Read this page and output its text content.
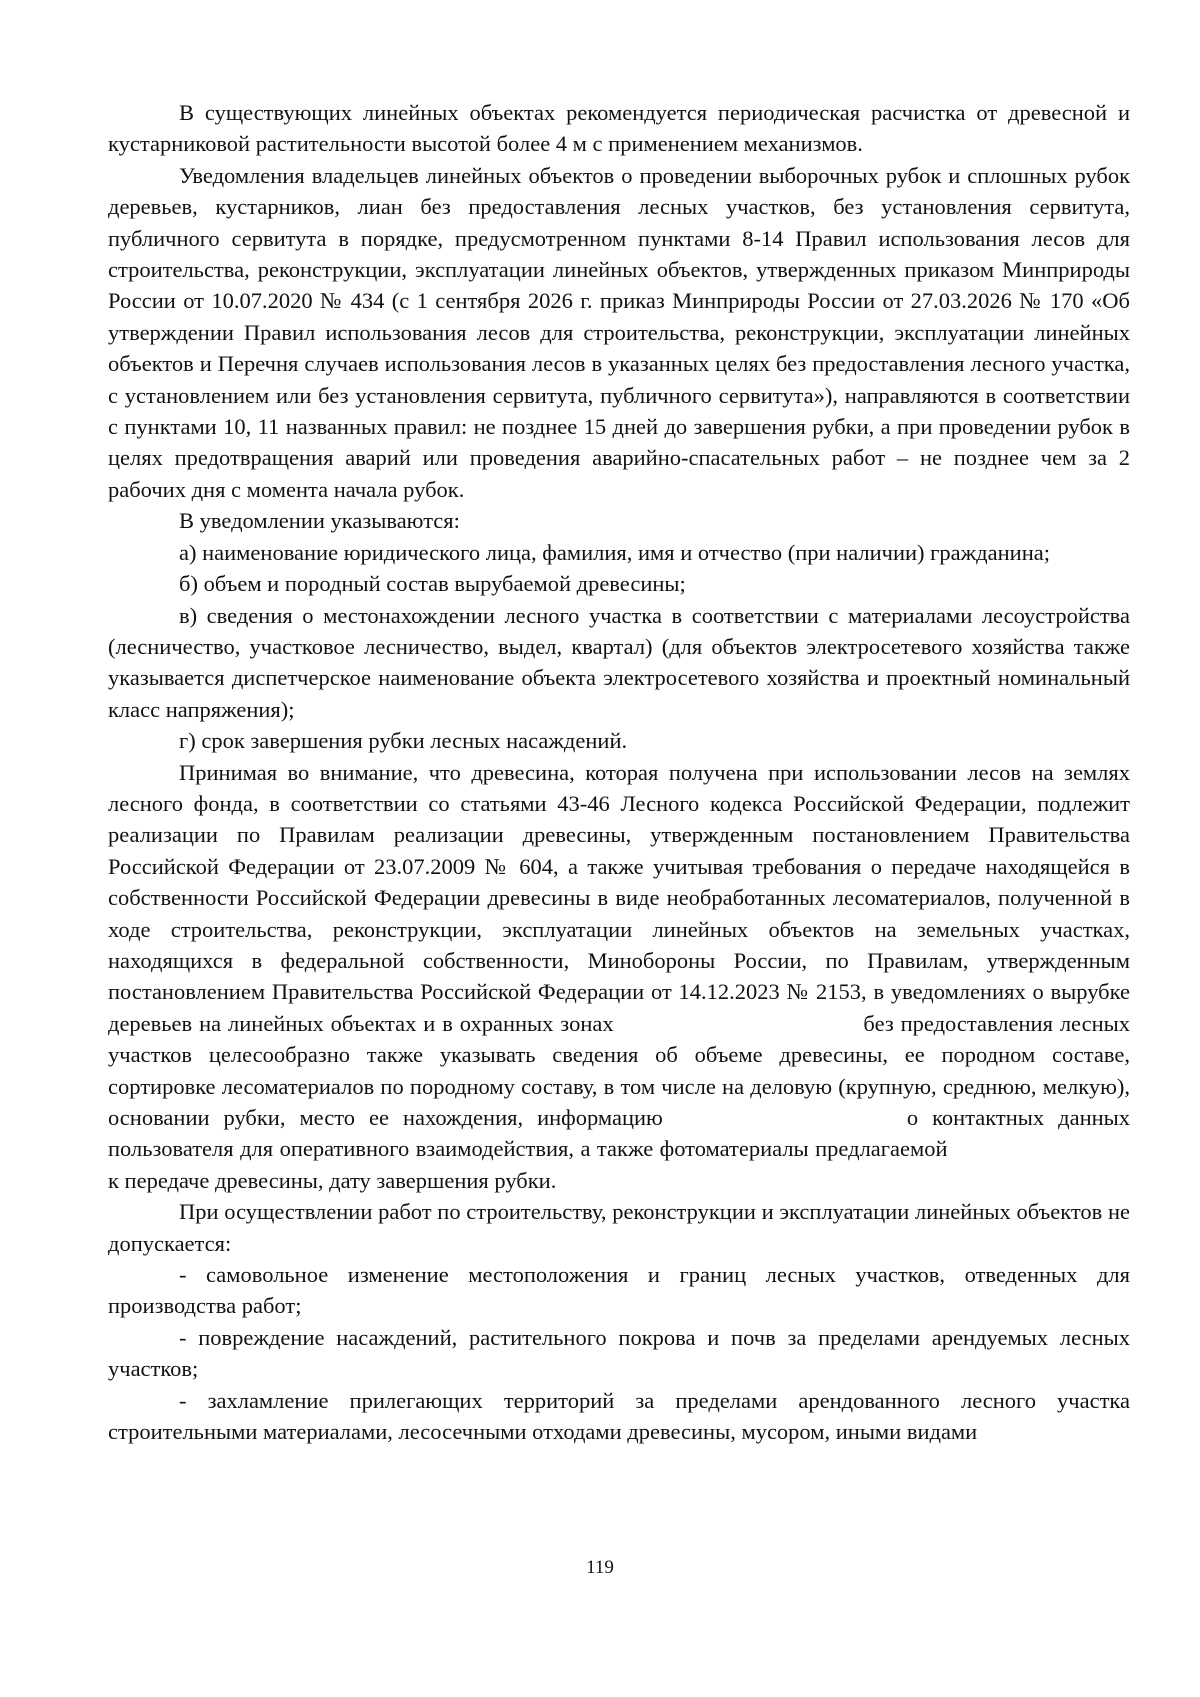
В существующих линейных объектах рекомендуется периодическая расчистка от древесной и кустарниковой растительности высотой более 4 м с применением механизмов.

Уведомления владельцев линейных объектов о проведении выборочных рубок и сплошных рубок деревьев, кустарников, лиан без предоставления лесных участков, без установления сервитута, публичного сервитута в порядке, предусмотренном пунктами 8-14 Правил использования лесов для строительства, реконструкции, эксплуатации линейных объектов, утвержденных приказом Минприроды России от 10.07.2020 № 434 (с 1 сентября 2026 г. приказ Минприроды России от 27.03.2026 № 170 «Об утверждении Правил использования лесов для строительства, реконструкции, эксплуатации линейных объектов и Перечня случаев использования лесов в указанных целях без предоставления лесного участка, с установлением или без установления сервитута, публичного сервитута»), направляются в соответствии с пунктами 10, 11 названных правил: не позднее 15 дней до завершения рубки, а при проведении рубок в целях предотвращения аварий или проведения аварийно-спасательных работ – не позднее чем за 2 рабочих дня с момента начала рубок.

В уведомлении указываются:

а) наименование юридического лица, фамилия, имя и отчество (при наличии) гражданина;

б) объем и породный состав вырубаемой древесины;

в) сведения о местонахождении лесного участка в соответствии с материалами лесоустройства (лесничество, участковое лесничество, выдел, квартал) (для объектов электросетевого хозяйства также указывается диспетчерское наименование объекта электросетевого хозяйства и проектный номинальный класс напряжения);

г) срок завершения рубки лесных насаждений.

Принимая во внимание, что древесина, которая получена при использовании лесов на землях лесного фонда, в соответствии со статьями 43-46 Лесного кодекса Российской Федерации, подлежит реализации по Правилам реализации древесины, утвержденным постановлением Правительства Российской Федерации от 23.07.2009 № 604, а также учитывая требования о передаче находящейся в собственности Российской Федерации древесины в виде необработанных лесоматериалов, полученной в ходе строительства, реконструкции, эксплуатации линейных объектов на земельных участках, находящихся в федеральной собственности, Минобороны России, по Правилам, утвержденным постановлением Правительства Российской Федерации от 14.12.2023 № 2153, в уведомлениях о вырубке деревьев на линейных объектах и в охранных зонах	без предоставления лесных участков целесообразно также указывать сведения об объеме древесины, ее породном составе, сортировке лесоматериалов по породному составу, в том числе на деловую (крупную, среднюю, мелкую), основании рубки, место ее нахождения, информацию	о контактных данных пользователя для оперативного взаимодействия, а также фотоматериалы предлагаемой  к передаче древесины, дату завершения рубки.

При осуществлении работ по строительству, реконструкции и эксплуатации линейных объектов не допускается:

- самовольное изменение местоположения и границ лесных участков, отведенных для производства работ;

- повреждение насаждений, растительного покрова и почв за пределами арендуемых лесных участков;

- захламление прилегающих территорий за пределами арендованного лесного участка строительными материалами, лесосечными отходами древесины, мусором, иными видами

119
